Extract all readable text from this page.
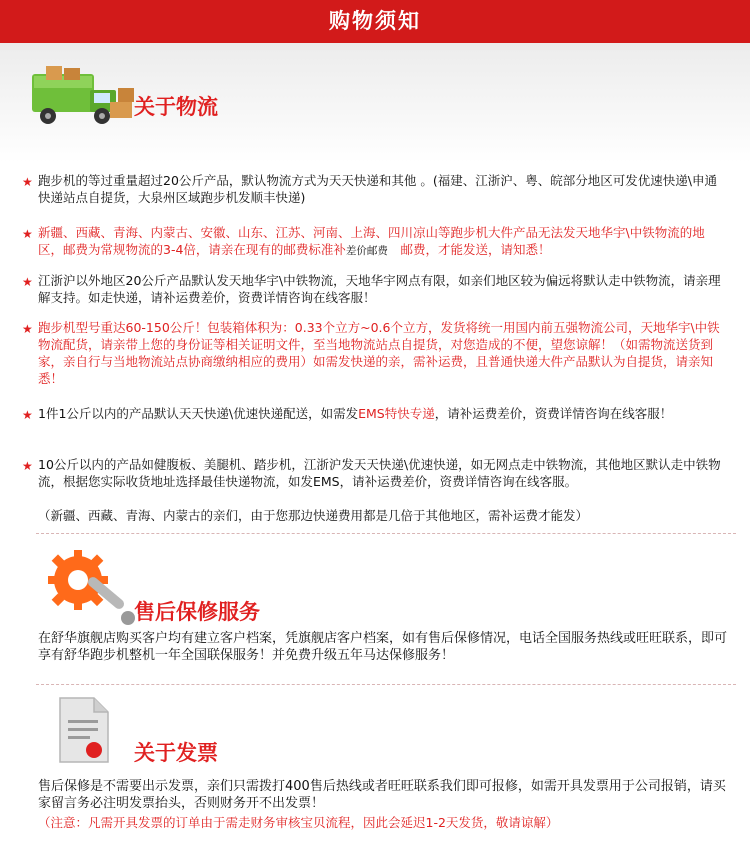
购物须知
关于物流
★ 跑步机的等过重量超过20公斤产品，默认物流方式为天天快递和其他 。(福建、江浙沪、粤、皖部分地区可发优速快递\申通快递站点自提货，大泉州区域跑步机发顺丰快递)
★ 新疆、西藏、青海、内蒙古、安徽、山东、江苏、河南、上海、四川凉山等跑步机大件产品无法发天地华宇\中铁物流的地区，邮费为常规物流的3-4倍，请亲在现有的邮费标准补差价邮费　 邮费，才能发送，请知悉！
★ 江浙沪以外地区20公斤产品默认发天地华宇\中铁物流，天地华宇网点有限，如亲们地区较为偏远将默认走中铁物流，请亲理解支持。如走快递，请补运费差价，资费详情咨询在线客服！
★ 跑步机型号重达60-150公斤！包装箱体积为：0.33个立方~0.6个立方，发货将统一用国内前五强物流公司，天地华宇\中铁物流配货，请亲带上您的身份证等相关证明文件，至当地物流站点自提货，对您造成的不便，望您谅解！（如需物流送货到家，亲自行与当地物流站点协商缴纳相应的费用）如需发快递的亲，需补运费，且普通快递大件产品默认为自提货，请亲知悉！
★ 1件1公斤以内的产品默认天天快递\优速快递配送，如需发EMS特快专递，请补运费差价，资费详情咨询在线客服！
★ 10公斤以内的产品如健腹板、美腿机、踏步机，江浙沪发天天快递\优速快递，如无网点走中铁物流，其他地区默认走中铁物流，根据您实际收货地址选择最佳快递物流，如发EMS，请补运费差价，资费详情咨询在线客服。
（新疆、西藏、青海、内蒙古的亲们，由于您那边快递费用都是几倍于其他地区，需补运费才能发）
售后保修服务
在舒华旗舰店购买客户均有建立客户档案，凭旗舰店客户档案，如有售后保修情况，电话全国服务热线或旺旺联系，即可享有舒华跑步机整机一年全国联保服务！并免费升级五年马达保修服务！
关于发票
售后保修是不需要出示发票，亲们只需拨打400售后热线或者旺旺联系我们即可报修，如需开具发票用于公司报销，请买家留言务必注明发票抬头，否则财务开不出发票！
（注意：凡需开具发票的订单由于需走财务审核宝贝流程，因此会延迟1-2天发货，敬请谅解）
